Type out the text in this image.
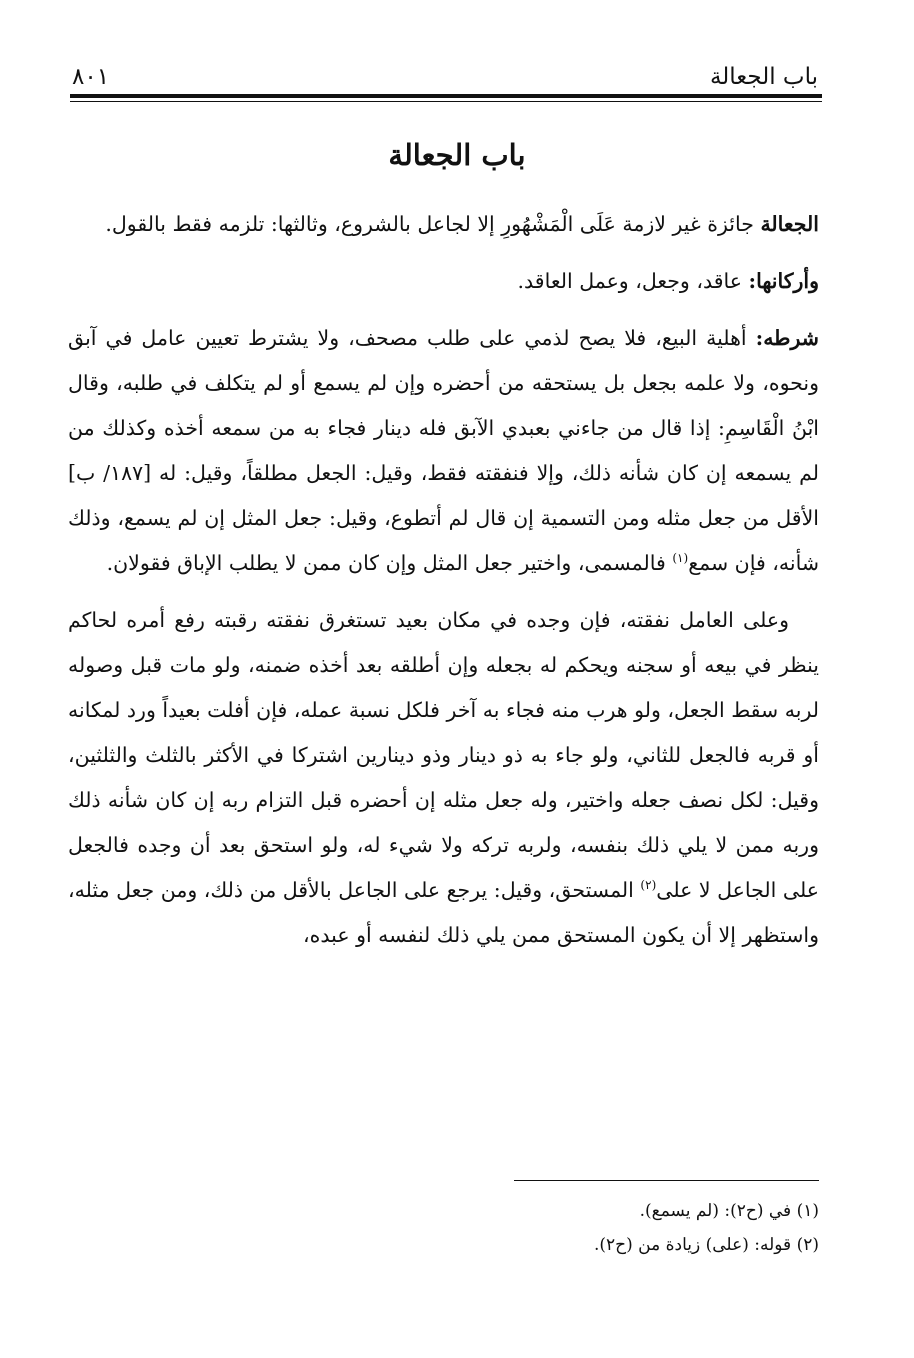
باب الجعالة
٨٠١
باب الجعالة

الجعالة جائزة غير لازمة عَلَى الْمَشْهُورِ إلا لجاعل بالشروع، وثالثها: تلزمه فقط بالقول.

وأركانها: عاقد، وجعل، وعمل العاقد.

شرطه: أهلية البيع، فلا يصح لذمي على طلب مصحف، ولا يشترط تعيين عامل في آبق ونحوه، ولا علمه بجعل بل يستحقه من أحضره وإن لم يسمع أو لم يتكلف في طلبه، وقال ابْنُ الْقَاسِمِ: إذا قال من جاءني بعبدي الآبق فله دينار فجاء به من سمعه أخذه وكذلك من لم يسمعه إن كان شأنه ذلك، وإلا فنفقته فقط، وقيل: الجعل مطلقاً، وقيل: له [١٨٧/ ب] الأقل من جعل مثله ومن التسمية إن قال لم أتطوع، وقيل: جعل المثل إن لم يسمع، وذلك شأنه، فإن سمع$^{(١)}$ فالمسمى، واختير جعل المثل وإن كان ممن لا يطلب الإباق فقولان.

وعلى العامل نفقته، فإن وجده في مكان بعيد تستغرق نفقته رقبته رفع أمره لحاكم ينظر في بيعه أو سجنه ويحكم له بجعله وإن أطلقه بعد أخذه ضمنه، ولو مات قبل وصوله لربه سقط الجعل، ولو هرب منه فجاء به آخر فلكل نسبة عمله، فإن أفلت بعيداً ورد لمكانه أو قربه فالجعل للثاني، ولو جاء به ذو دينار وذو دينارين اشتركا في الأكثر بالثلث والثلثين، وقيل: لكل نصف جعله واختير، وله جعل مثله إن أحضره قبل التزام ربه إن كان شأنه ذلك وربه ممن لا يلي ذلك بنفسه، ولربه تركه ولا شيء له، ولو استحق بعد أن وجده فالجعل على الجاعل لا على$^{(٢)}$ المستحق، وقيل: يرجع على الجاعل بالأقل من ذلك، ومن جعل مثله، واستظهر إلا أن يكون المستحق ممن يلي ذلك لنفسه أو عبده،

(١) في (ح٢): (لم يسمع).
(٢) قوله: (على) زيادة من (ح٢).
